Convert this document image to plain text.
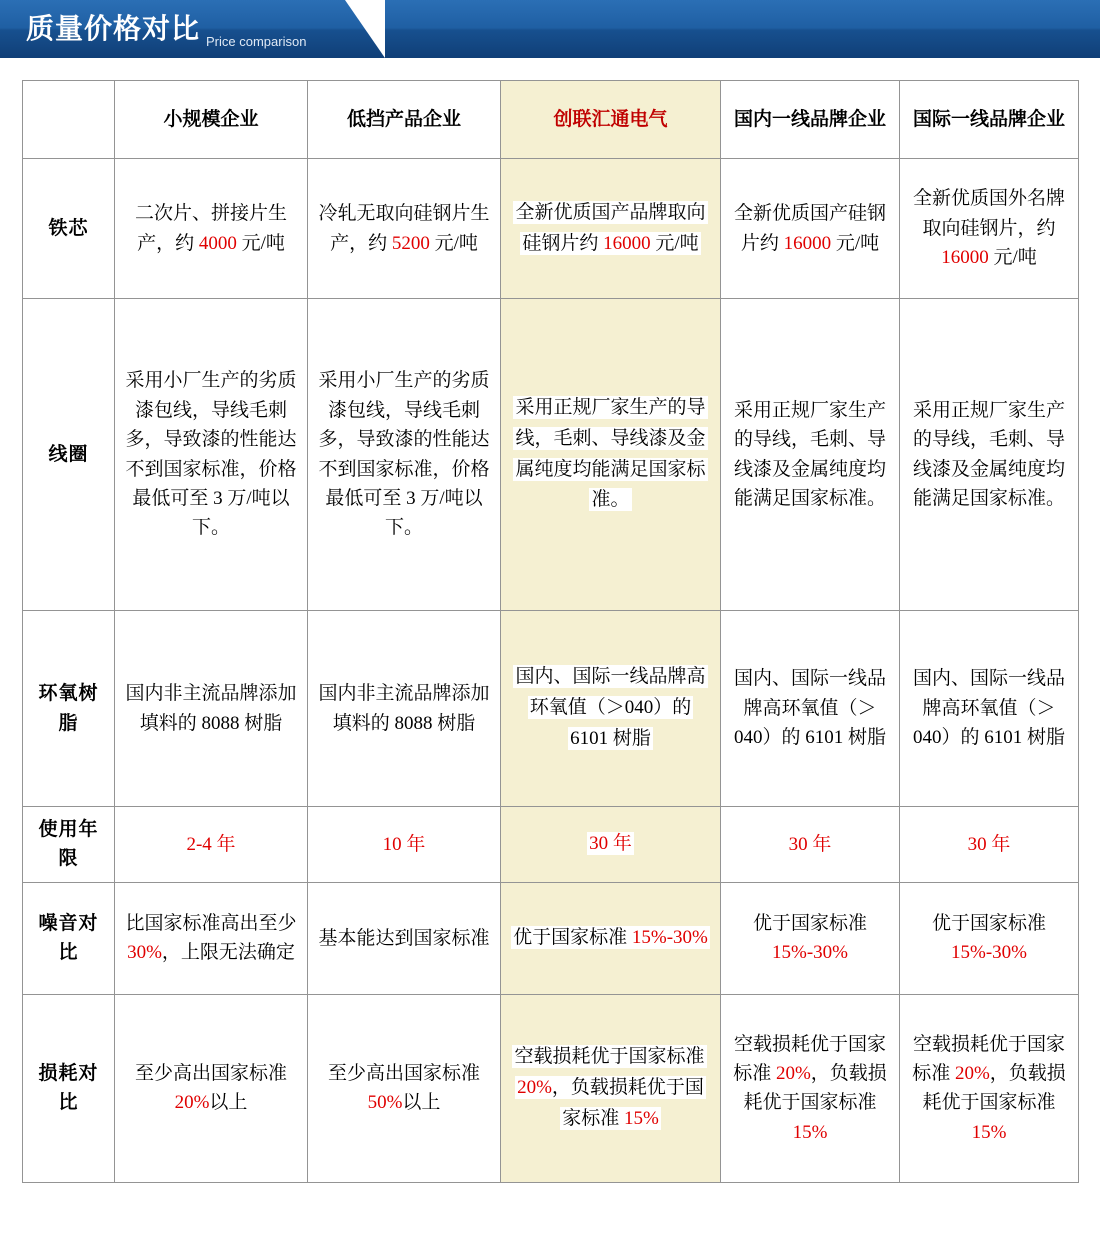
质量价格对比 Price comparison
	小规模企业	低挡产品企业	创联汇通电气	国内一线品牌企业	国际一线品牌企业
铁芯	二次片、拼接片生产，约 4000 元/吨	冷轧无取向硅钢片生产，约 5200 元/吨	全新优质国产品牌取向硅钢片约 16000 元/吨	全新优质国产硅钢片约 16000 元/吨	全新优质国外名牌取向硅钢片，约 16000 元/吨

线圈	采用小厂生产的劣质漆包线，导线毛刺多，导致漆的性能达不到国家标准，价格最低可至 3 万/吨以下。	采用小厂生产的劣质漆包线，导线毛刺多，导致漆的性能达不到国家标准，价格最低可至 3 万/吨以下。	采用正规厂家生产的导线，毛刺、导线漆及金属纯度均能满足国家标准。	采用正规厂家生产的导线，毛刺、导线漆及金属纯度均能满足国家标准。	采用正规厂家生产的导线，毛刺、导线漆及金属纯度均能满足国家标准。

环氧树脂	国内非主流品牌添加填料的 8088 树脂	国内非主流品牌添加填料的 8088 树脂	国内、国际一线品牌高环氧值（＞040）的 6101 树脂	国内、国际一线品牌高环氧值（＞040）的 6101 树脂	国内、国际一线品牌高环氧值（＞040）的 6101 树脂

使用年限	2-4 年	10 年	30 年	30 年	30 年

噪音对比	比国家标准高出至少 30%，上限无法确定	基本能达到国家标准	优于国家标准 15%-30%	优于国家标准 15%-30%	优于国家标准 15%-30%

损耗对比	至少高出国家标准 20%以上	至少高出国家标准 50%以上	空载损耗优于国家标准 20%，负载损耗优于国家标准 15%	空载损耗优于国家标准 20%，负载损耗优于国家标准 15%	空载损耗优于国家标准 20%，负载损耗优于国家标准 15%
